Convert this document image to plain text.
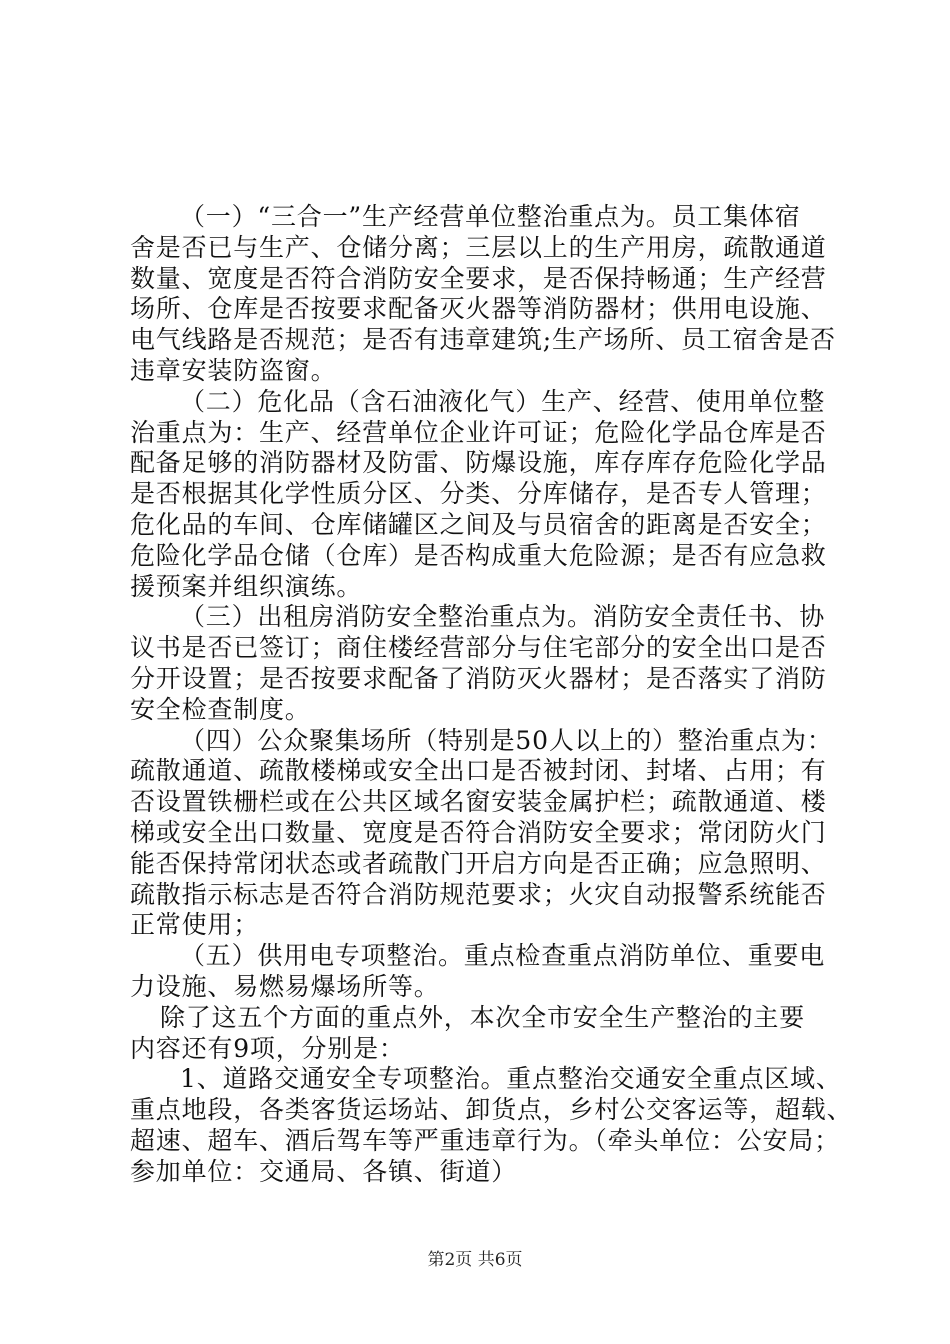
（一）“三合一”生产经营单位整治重点为。员工集体宿
舍是否已与生产、仓储分离；三层以上的生产用房，疏散通道
数量、宽度是否符合消防安全要求，是否保持畅通；生产经营
场所、仓库是否按要求配备灭火器等消防器材；供用电设施、
电气线路是否规范；是否有违章建筑;生产场所、员工宿舍是否
违章安装防盗窗。
（二）危化品（含石油液化气）生产、经营、使用单位整
治重点为：生产、经营单位企业许可证；危险化学品仓库是否
配备足够的消防器材及防雷、防爆设施，库存库存危险化学品
是否根据其化学性质分区、分类、分库储存，是否专人管理；
危化品的车间、仓库储罐区之间及与员宿舍的距离是否安全；
危险化学品仓储（仓库）是否构成重大危险源；是否有应急救
援预案并组织演练。
（三）出租房消防安全整治重点为。消防安全责任书、协
议书是否已签订；商住楼经营部分与住宅部分的安全出口是否
分开设置；是否按要求配备了消防灭火器材；是否落实了消防
安全检查制度。
（四）公众聚集场所（特别是50人以上的）整治重点为：
疏散通道、疏散楼梯或安全出口是否被封闭、封堵、占用；有
否设置铁栅栏或在公共区域名窗安装金属护栏；疏散通道、楼
梯或安全出口数量、宽度是否符合消防安全要求；常闭防火门
能否保持常闭状态或者疏散门开启方向是否正确；应急照明、
疏散指示标志是否符合消防规范要求；火灾自动报警系统能否
正常使用；
（五）供用电专项整治。重点检查重点消防单位、重要电
力设施、易燃易爆场所等。
除了这五个方面的重点外，本次全市安全生产整治的主要
内容还有9项，分别是：
1、道路交通安全专项整治。重点整治交通安全重点区域、
重点地段，各类客货运场站、卸货点，乡村公交客运等，超载、
超速、超车、酒后驾车等严重违章行为。（牵头单位：公安局；
参加单位：交通局、各镇、街道）
第2页 共6页
